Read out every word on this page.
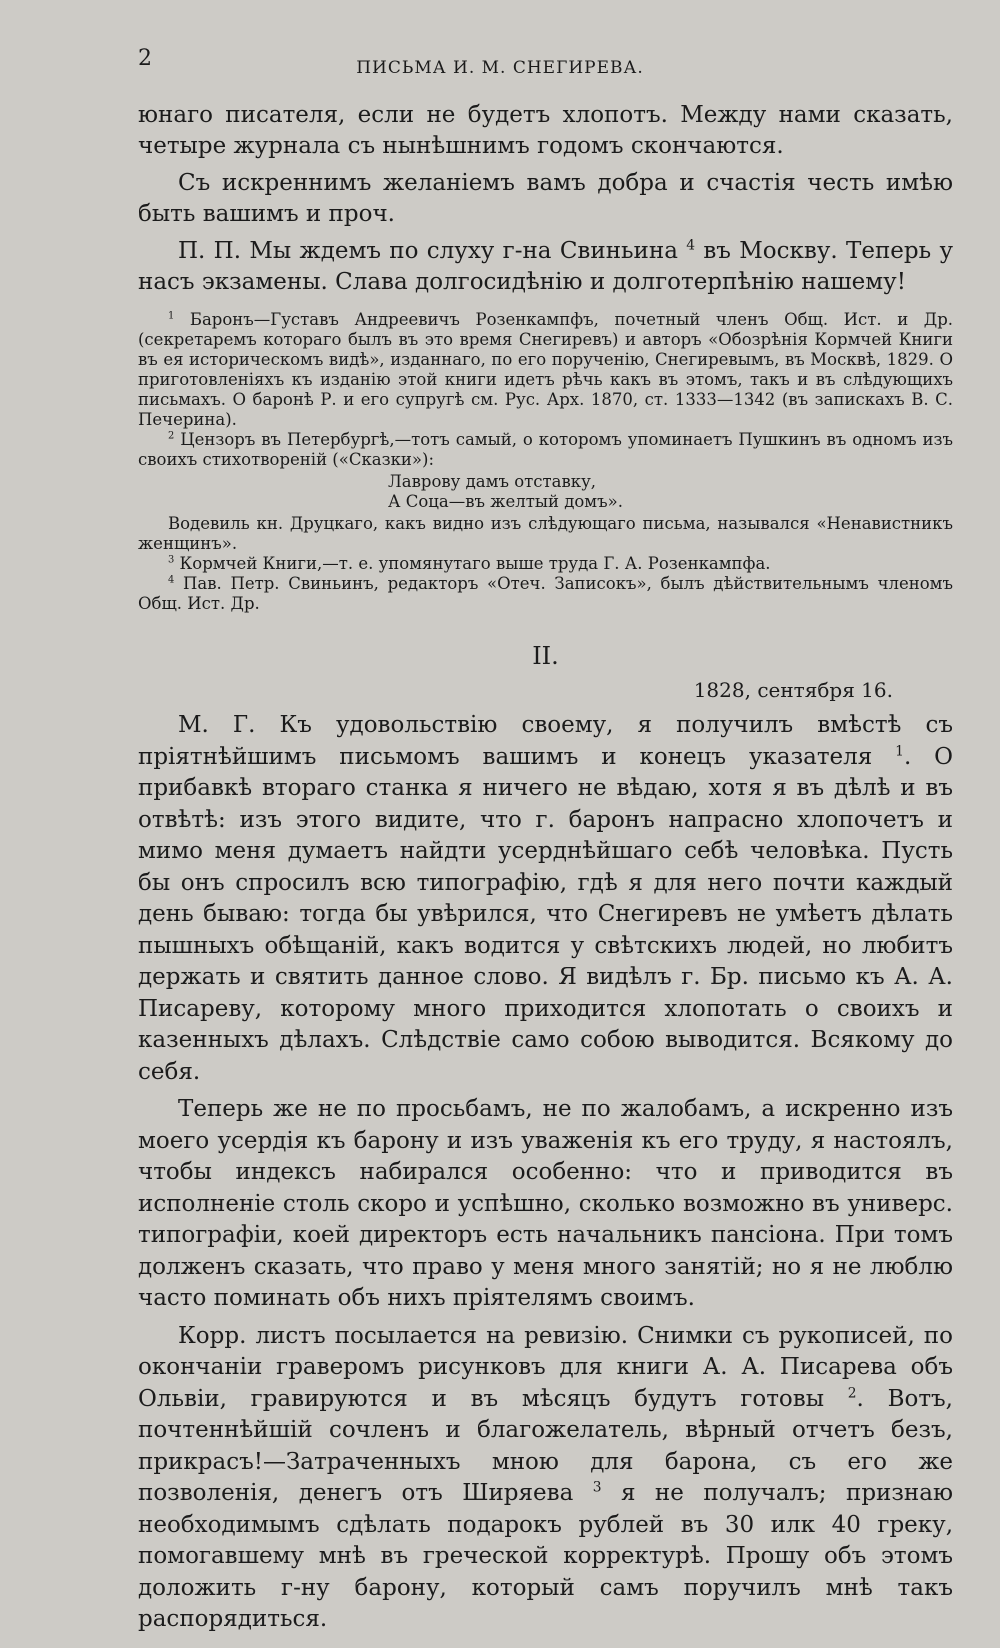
2	ПИСЬМА И. М. СНЕГИРЕВА.

юнаго писателя, если не будетъ хлопотъ. Между нами сказать, четыре журнала съ нынѣшнимъ годомъ скончаются.

Съ искреннимъ желаніемъ вамъ добра и счастія честь имѣю быть вашимъ и проч.

П. П. Мы ждемъ по слуху г-на Свиньина $^4$ въ Москву. Теперь у насъ экзамены. Слава долгосидѣнію и долготерпѣнію нашему!

$^1$ Баронъ—Густавъ Андреевичъ Розенкампфъ, почетный членъ Общ. Ист. и Др. (секретаремъ котораго былъ въ это время Снегиревъ) и авторъ «Обозрѣнія Кормчей Книги въ ея историческомъ видѣ», изданнаго, по его порученію, Снегиревымъ, въ Москвѣ, 1829. О приготовленіяхъ къ изданію этой книги идетъ рѣчь какъ въ этомъ, такъ и въ слѣдующихъ письмахъ. О баронѣ Р. и его супругѣ см. Рус. Арх. 1870, ст. 1333—1342 (въ запискахъ В. С. Печерина).

$^2$ Цензоръ въ Петербургѣ,—тотъ самый, о которомъ упоминаетъ Пушкинъ въ одномъ изъ своихъ стихотвореній («Сказки»):

Лаврову дамъ отставку,
А Соца—въ желтый домъ».

Водевиль кн. Друцкаго, какъ видно изъ слѣдующаго письма, назывался «Ненавистникъ женщинъ».

$^3$ Кормчей Книги,—т. е. упомянутаго выше труда Г. А. Розенкампфа.

$^4$ Пав. Петр. Свиньинъ, редакторъ «Отеч. Записокъ», былъ дѣйствительнымъ членомъ Общ. Ист. Др.

II.
1828, сентября 16.

М. Г. Къ удовольствію своему, я получилъ вмѣстѣ съ пріятнѣйшимъ письмомъ вашимъ и конецъ указателя $^1$. О прибавкѣ втораго станка я ничего не вѣдаю, хотя я въ дѣлѣ и въ отвѣтѣ: изъ этого видите, что г. баронъ напрасно хлопочетъ и мимо меня думаетъ найдти усерднѣйшаго себѣ человѣка. Пусть бы онъ спросилъ всю типографію, гдѣ я для него почти каждый день бываю: тогда бы увѣрился, что Снегиревъ не умѣетъ дѣлать пышныхъ обѣщаній, какъ водится у свѣтскихъ людей, но любитъ держать и святить данное слово. Я видѣлъ г. Бр. письмо къ А. А. Писареву, которому много приходится хлопотать о своихъ и казенныхъ дѣлахъ. Слѣдствіе само собою выводится. Всякому до себя.

Теперь же не по просьбамъ, не по жалобамъ, а искренно изъ моего усердія къ барону и изъ уваженія къ его труду, я настоялъ, чтобы индексъ набирался особенно: что и приводится въ исполненіе столь скоро и успѣшно, сколько возможно въ универс. типографіи, коей директоръ есть начальникъ пансіона. При томъ долженъ сказать, что право у меня много занятій; но я не люблю часто поминать объ нихъ пріятелямъ своимъ.

Корр. листъ посылается на ревизію. Снимки съ рукописей, по окончаніи граверомъ рисунковъ для книги А. А. Писарева объ Ольвіи, гравируются и въ мѣсяцъ будутъ готовы $^2$. Вотъ, почтеннѣйшій сочленъ и благожелатель, вѣрный отчетъ безъ, прикрасъ!—Затраченныхъ мною для барона, съ его же позволенія, денегъ отъ Ширяева $^3$ я не получалъ; признаю необходимымъ сдѣлать подарокъ рублей въ 30 илк 40 греку, помогавшему мнѣ въ греческой корректурѣ. Прошу объ этомъ доложить г-ну барону, который самъ поручилъ мнѣ такъ распорядиться.
